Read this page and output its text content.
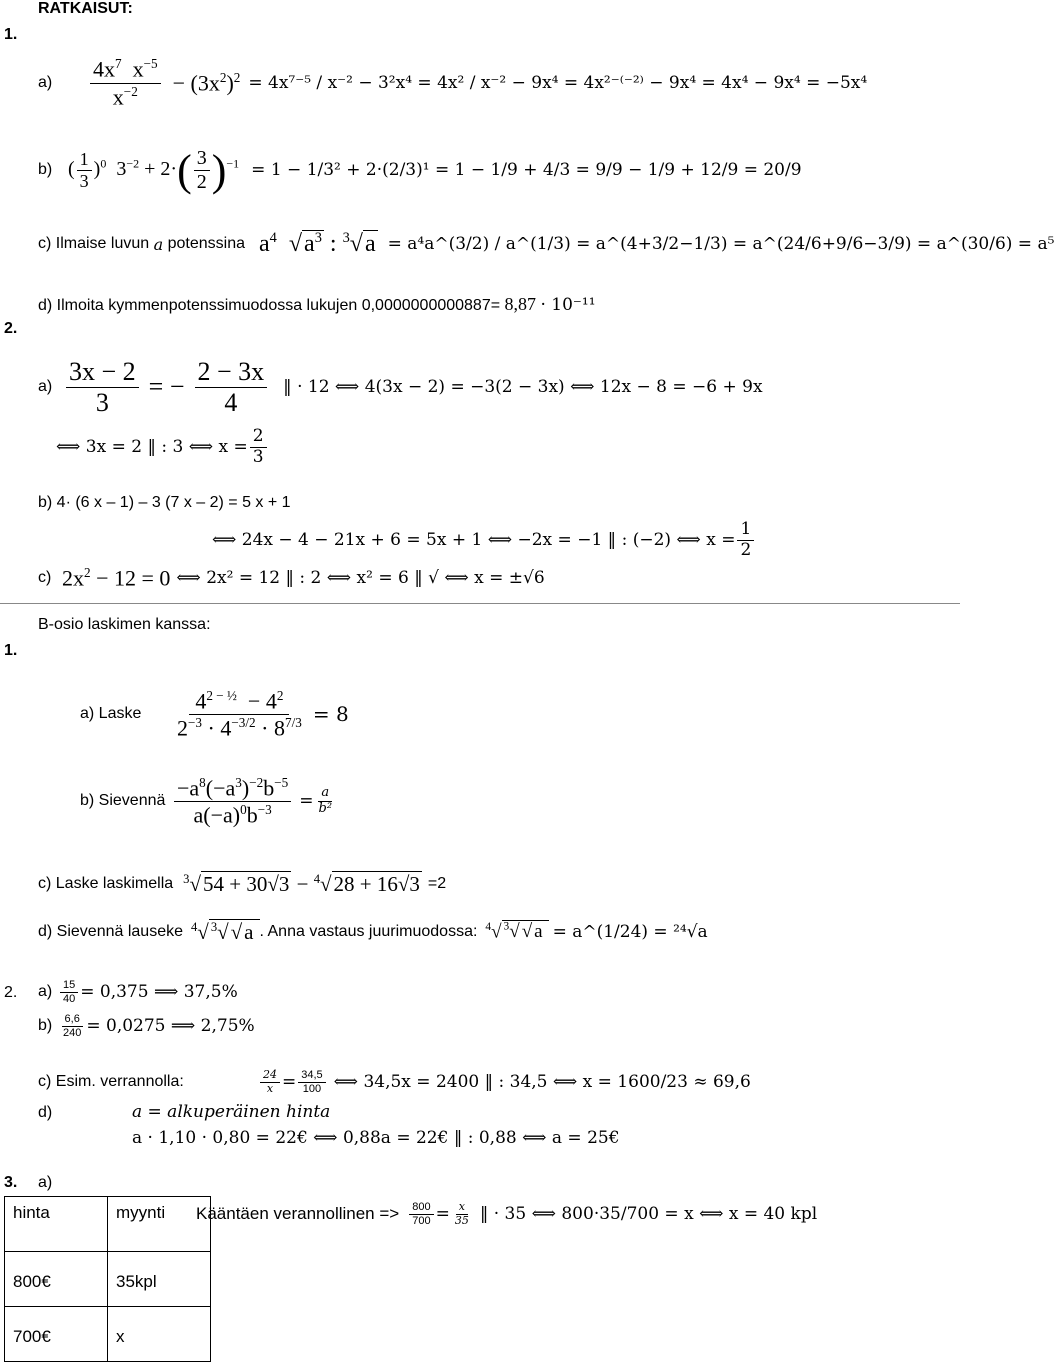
RATKAISUT:
1.
a)	$\frac{4x^7 x^{-5}}{x^{-2}} - (3x^2)^2 = 4x^{7-5} / x^{-2} - 3^2x^4 = 4x^2 / x^{-2} - 9x^4 = 4x^{2-(-2)} - 9x^4 = 4x^4 - 9x^4 = -5x^4$
b) ( $\frac{1}{3} )^0$  $3^{-2} + 2\cdot( \frac{3}{2} )^{-1} = 1 - 1/3^2 + 2\cdot(2/3)^1 = 1 - 1/9 + 4/3 = 9/9 - 1/9 + 12/9 = 20/9$
c) Ilmaise luvun
a
potenssina $a^4$  $√a^3$ : $^3$√a = a⁴a^(3/2) / a^(1/3) = a^(4+3/2−1/3) = a^(24/6+9/6−3/9) = a^(30/6) = a⁵
d) Ilmoita kymmenpotenssimuodossa lukujen 0,0000000000887= 8,87 · 10⁻¹¹
2.
$a) \frac{3x - 2}{3}$ = − $\frac{2 - 3x}{4}$ ‖ · 12 ⟺ 4(3x − 2) = −3(2 − 3x) ⟺ 12x − 8 = −6 + 9x
⟺ 3x = 2 ‖ : 3 ⟺ $x = \frac{2}{3}$
b) 4· (6 x – 1) – 3 (7 x – 2) = 5 x + 1
⟺ 24x − 4 − 21x + 6 = 5x + 1 ⟺ −2x = −1 ‖ : (−2) ⟺ $x = \frac{1}{2}$
c) $2x^2 - 12 = 0$ ⟺ 2x² = 12 ‖ : 2 ⟺ x² = 6 ‖ √ ⟺ x = ±√6
1.
B-osio laskimen kanssa:
a) Laske	$\frac{4^{2 - \frac{1}{2}} - 4^2}{2^{-3} \cdot 4^{-3/2} \cdot 8^{7/3}} = 8$
b) Sievennä $\frac{-a^8(-a^3)^{-2}b^{-5}}{a(-a)^0b^{-3}} = \frac{a}{\text{b²}}$
c) Laske laskimella $^3$√54 + 30√3 − $^4$√28 + 16√3 =2
d) Sievennä lauseke $^4$√ $^3$√√a . Anna vastaus juurimuodossa: $^4$√ $^3$√ √ a = a^(1/24) = ²⁴√a
2. $a) \frac{15}{40} = 0,375$ ⟹ 37,5%
$b) \frac{6,6}{240} = 0,0275$ ⟹ 2,75%
c) Esim. verrannolla:	$\frac{24}{x} = \frac{34,5}{100}$ ⟺ 34,5x = 2400 ‖ : 34,5 ⟺ x = 1600/23 ≈ 69,6
d)	a = alkuperäinen hinta
a · 1,10 · 0,80 = 22€ ⟺ 0,88a = 22€ ‖ : 0,88 ⟺ a = 25€
3. a)
hinta	myynti
800€	35kpl
700€	x
Kääntäen verannollinen => $\frac{800}{700} = \frac{x}{35}$ ‖ · 35 ⟺ 800·35/700 = x ⟺ x = 40 kpl
